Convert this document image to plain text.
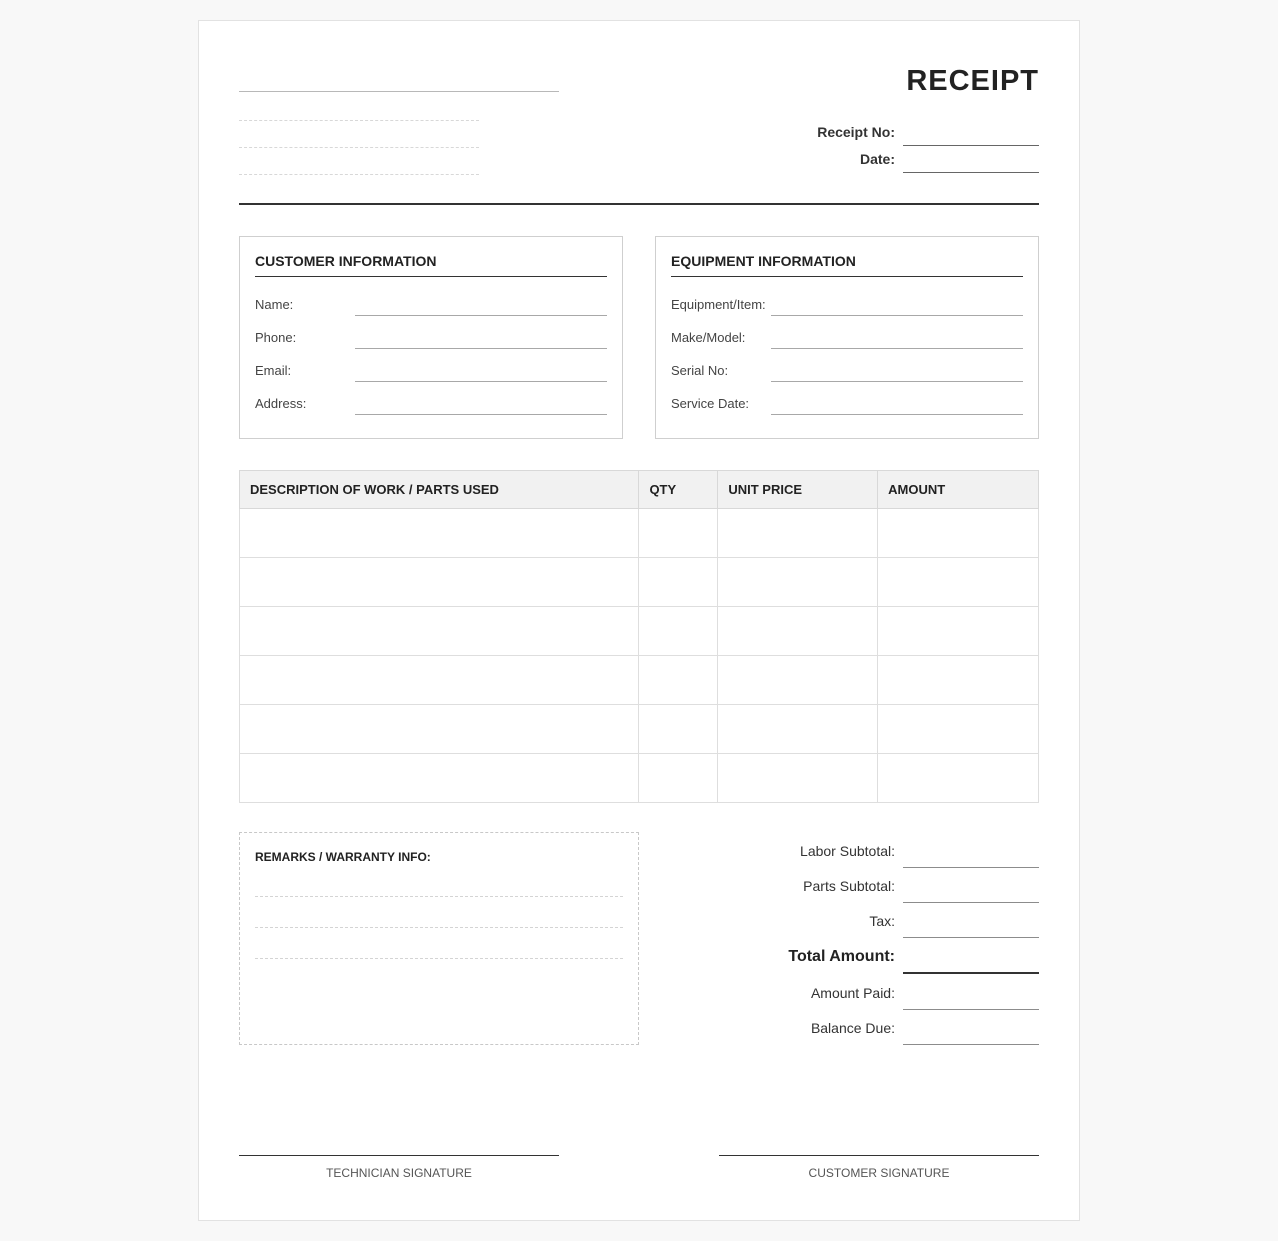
RECEIPT
Receipt No:
Date:
CUSTOMER INFORMATION
Name:
Phone:
Email:
Address:
EQUIPMENT INFORMATION
Equipment/Item:
Make/Model:
Serial No:
Service Date:
DESCRIPTION OF WORK / PARTS USED	QTY	UNIT PRICE	AMOUNT

REMARKS / WARRANTY INFO:	Labor Subtotal:
Parts Subtotal:
Tax:
Total Amount:
Amount Paid:
Balance Due:
TECHNICIAN SIGNATURE	CUSTOMER SIGNATURE
